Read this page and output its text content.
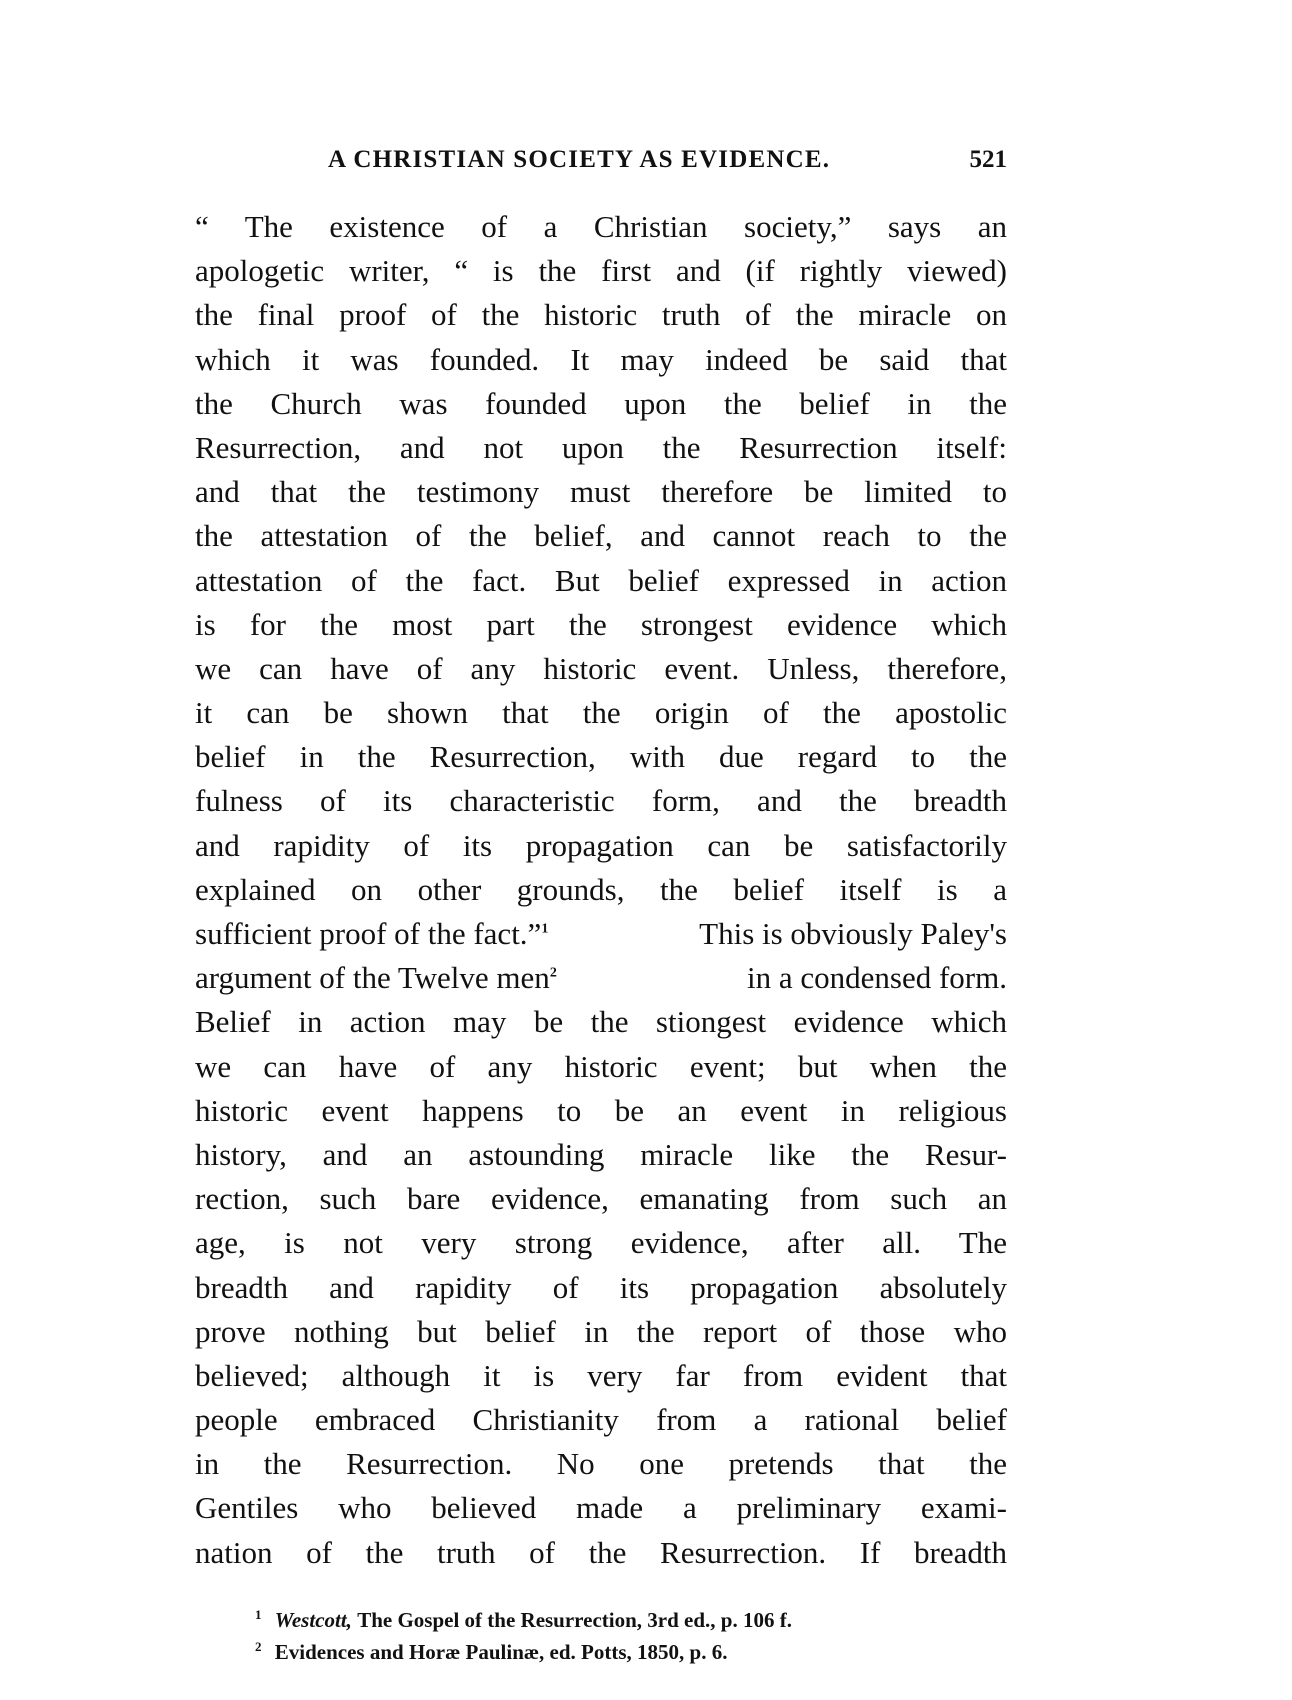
A CHRISTIAN SOCIETY AS EVIDENCE.	521
“ The existence of a Christian society,” says an
apologetic writer, “ is the first and (if rightly viewed)
the final proof of the historic truth of the miracle on
which it was founded. It may indeed be said that
the Church was founded upon the belief in the
Resurrection, and not upon the Resurrection itself:
and that the testimony must therefore be limited to
the attestation of the belief, and cannot reach to the
attestation of the fact. But belief expressed in action
is for the most part the strongest evidence which
we can have of any historic event. Unless, therefore,
it can be shown that the origin of the apostolic
belief in the Resurrection, with due regard to the
fulness of its characteristic form, and the breadth
and rapidity of its propagation can be satisfactorily
explained on other grounds, the belief itself is a
sufficient proof of the fact.”$^1$	This is obviously Paley's
argument of the Twelve men$^2$	in a condensed form.
Belief in action may be the stiongest evidence which
we can have of any historic event; but when the
historic event happens to be an event in religious
history, and an astounding miracle like the Resur-
rection, such bare evidence, emanating from such an
age, is not very strong evidence, after all. The
breadth and rapidity of its propagation absolutely
prove nothing but belief in the report of those who
believed; although it is very far from evident that
people embraced Christianity from a rational belief
in the Resurrection. No one pretends that the
Gentiles who believed made a preliminary exami-
nation of the truth of the Resurrection. If breadth
$^1$ Westcott, The Gospel of the Resurrection, 3rd ed., p. 106 f.
$^2$ Evidences and Horæ Paulinæ, ed. Potts, 1850, p. 6.
